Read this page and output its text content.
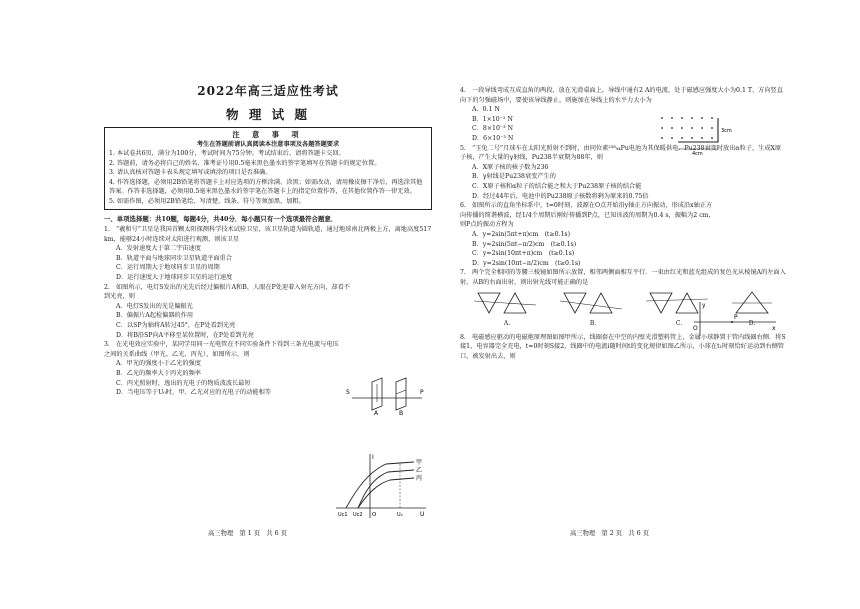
2022年高三适应性考试
物 理 试 题
注 意 事 项
考生在答题前请认真阅读本注意事项及各题答题要求
1. 本试卷共6页，满分为100分，考试时间为75分钟。考试结束后，请将答题卡交回。
2. 答题前，请务必将自己的姓名、准考证号用0.5毫米黑色墨水的签字笔填写在答题卡的规定位置。
3. 请认真核对答题卡表头规定填写或填涂的项目是否准确。
4. 作答选择题，必须用2B铅笔将答题卡上对应选项的方框涂满、涂黑；如需改动，请用橡皮擦干净后，再选涂其他答案。作答非选择题，必须用0.5毫米黑色墨水的签字笔在答题卡上的指定位置作答，在其他位置作答一律无效。
5. 如需作图，必须用2B铅笔绘、写清楚，线条、符号等须加黑、加粗。
一、单项选择题：共10题，每题4分，共40分．每小题只有一个选项最符合题意．
1. “羲和号”卫星是我国首颗太阳探测科学技术试验卫星，该卫星轨道为圆轨道，通过地球南北两极上方，离地高度517 km，能够24小时连续对太阳进行观测，则该卫星
A．发射速度大于第二宇宙速度
B．轨道平面与地球同步卫星轨道平面重合
C．运行周期大于地球同步卫星的周期
D．运行速度大于地球同步卫星的运行速度
2. 如图所示，电灯S发出的光先后经过偏振片A和B，人眼在P处迎着入射光方向，却看不到光亮，则
A．电灯S发出的光是偏振光
B．偏振片A起检偏器的作用
C．以SP为轴将A转过45°，在P处看到光亮
D．将B沿SP向A平移至某位置时，在P处看到光亮
3. 在光电效应实验中，某同学用同一光电管在不同实验条件下得到三条光电流与电压之间的关系曲线（甲光、乙光、丙光），如图所示，则
A．甲光的强度小于乙光的强度
B．乙光的频率大于丙光的频率
C．丙光照射时，逸出的光电子的物质波波长最短
D．当电压等于U₀时，甲、乙光对应的光电子的动能相等	S
A	B
P
I
U
O
Uc1 Uc2	U₀
甲
乙
丙
高三物理　第 1 页　共 6 页
4. 一段导线弯成互成直角的两段，放在光滑桌面上，导线中通有2 A的电流，处于磁感应强度大小为0.1 T、方向竖直向下的匀强磁场中，要使该导线静止，则施加在导线上的水平力大小为
A．0.1 N
B．1×10⁻² N
C．8×10⁻³ N
D．6×10⁻³ N
5. “玉兔二号”月球车在太阳光照射不到时，由同位素²³⁸₉₄Pu电池为其保暖供电．Pu238衰变时放出α粒子，生成X原子核，产生大量的γ射线，Pu238半衰期为88年，则
A．X原子核的核子数为236
B．γ射线是Pu238衰变产生的
C．X原子核和α粒子的结合能之和大于Pu238原子核的结合能
D．经过44年后，电池中的Pu238原子核数将剩为原来的0.75倍
6. 如图所示的直角坐标系中，t=0时刻，波源在O点开始沿y轴正方向振动，形成沿x轴正方向传播的简谐横波，经1/4个周期后刚好传播到P点，已知该波的周期为0.4 s，振幅为2 cm，则P点的振动方程为
A．y=2sin(5πt+π)cm　(t≥0.1s)
B．y=2sin(5πt−π/2)cm　(t≥0.1s)
C．y=2sin(10πt+π)cm　(t≥0.1s)
D．y=2sin(10πt−π/2)cm　(t≥0.1s)
7. 两个完全相同的等腰三棱镜如图所示放置，相邻两侧面相互平行．一束由红光和蓝光组成的复色光从棱镜A的左面入射，从B的右面出射，则出射光线可能正确的是
A.	B.	C.	D.
8. 电磁感应驱动的电磁炮原理图如图甲所示，线圈套在中空的内壁光滑塑料管上，金属小球静置于管内线圈右侧．将S接1，电容器完全充电，t=0时刻S接2，线圈中的电流i随时间t的变化规律如图乙所示，小球在t₁时刻恰好运动到右侧管口，被发射出去，则
4cm
3cm
y
x
O
P
高三物理　第 2 页　共 6 页
